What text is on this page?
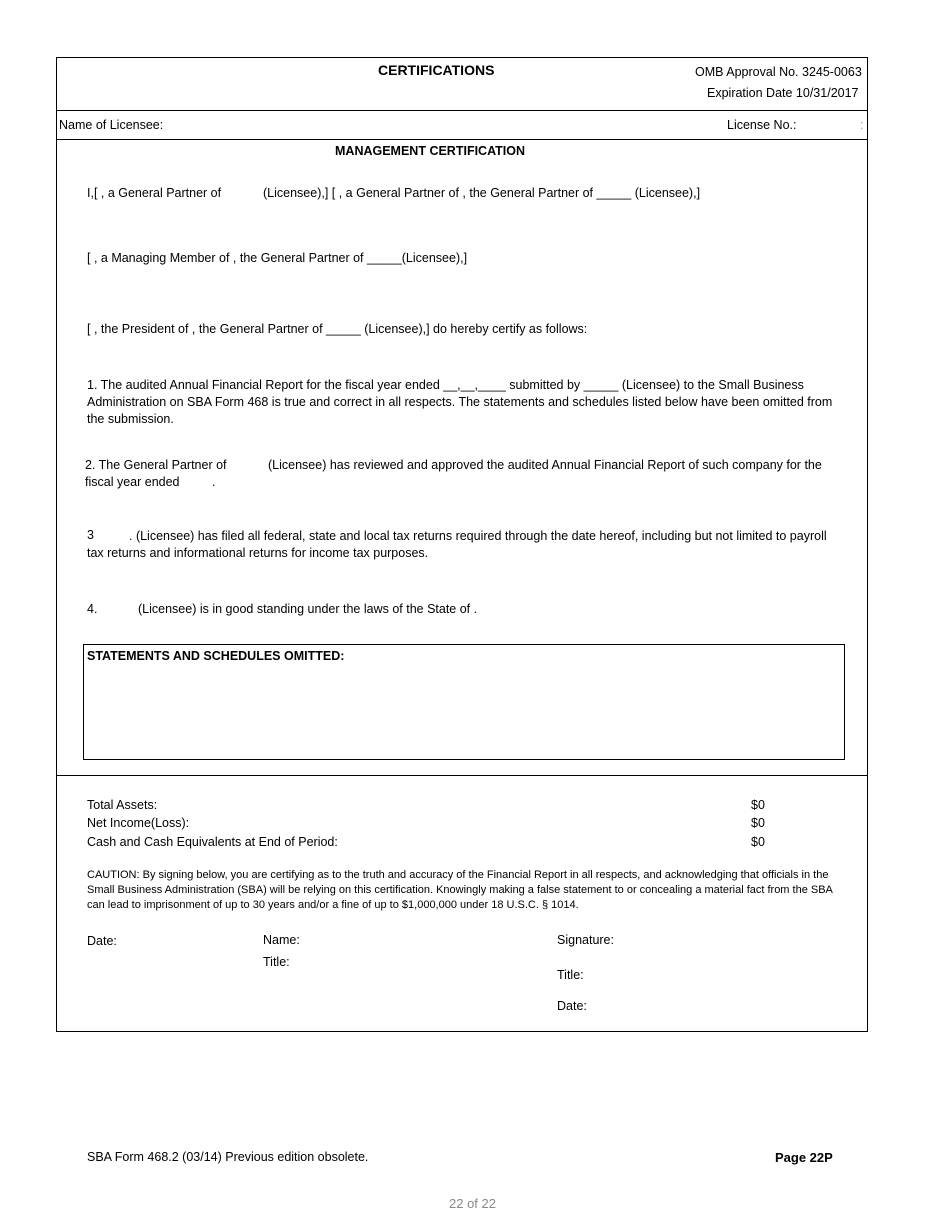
CERTIFICATIONS	OMB Approval No. 3245-0063
Expiration Date 10/31/2017
Name of Licensee:	License No.:	:
MANAGEMENT CERTIFICATION
I,[ , a General Partner of	(Licensee),] [ , a General Partner of , the General Partner of _____ (Licensee),]
[ , a Managing Member of , the General Partner of _____(Licensee),]
[ , the President of , the General Partner of _____ (Licensee),] do hereby certify as follows:
1. The audited Annual Financial Report for the fiscal year ended __,__,____ submitted by _____ (Licensee) to the Small Business Administration on SBA Form 468 is true and correct in all respects. The statements and schedules listed below have been omitted from the submission.
2. The General Partner of	(Licensee) has reviewed and approved the audited Annual Financial Report of such company for the
fiscal year ended	.
3	. (Licensee) has filed all federal, state and local tax returns required through the date hereof, including but not limited to payroll tax returns and informational returns for income tax purposes.
4.	(Licensee) is in good standing under the laws of the State of .
STATEMENTS AND SCHEDULES OMITTED:
Total Assets:	$0
Net Income(Loss):	$0
Cash and Cash Equivalents at End of Period:	$0
CAUTION: By signing below, you are certifying as to the truth and accuracy of the Financial Report in all respects, and acknowledging that officials in the Small Business Administration (SBA) will be relying on this certification. Knowingly making a false statement to or concealing a material fact from the SBA can lead to imprisonment of up to 30 years and/or a fine of up to $1,000,000 under 18 U.S.C. § 1014.
Date:	Name:
Title:
Signature:
Title:
Date:
SBA Form 468.2 (03/14) Previous edition obsolete.	Page 22P
22 of 22
